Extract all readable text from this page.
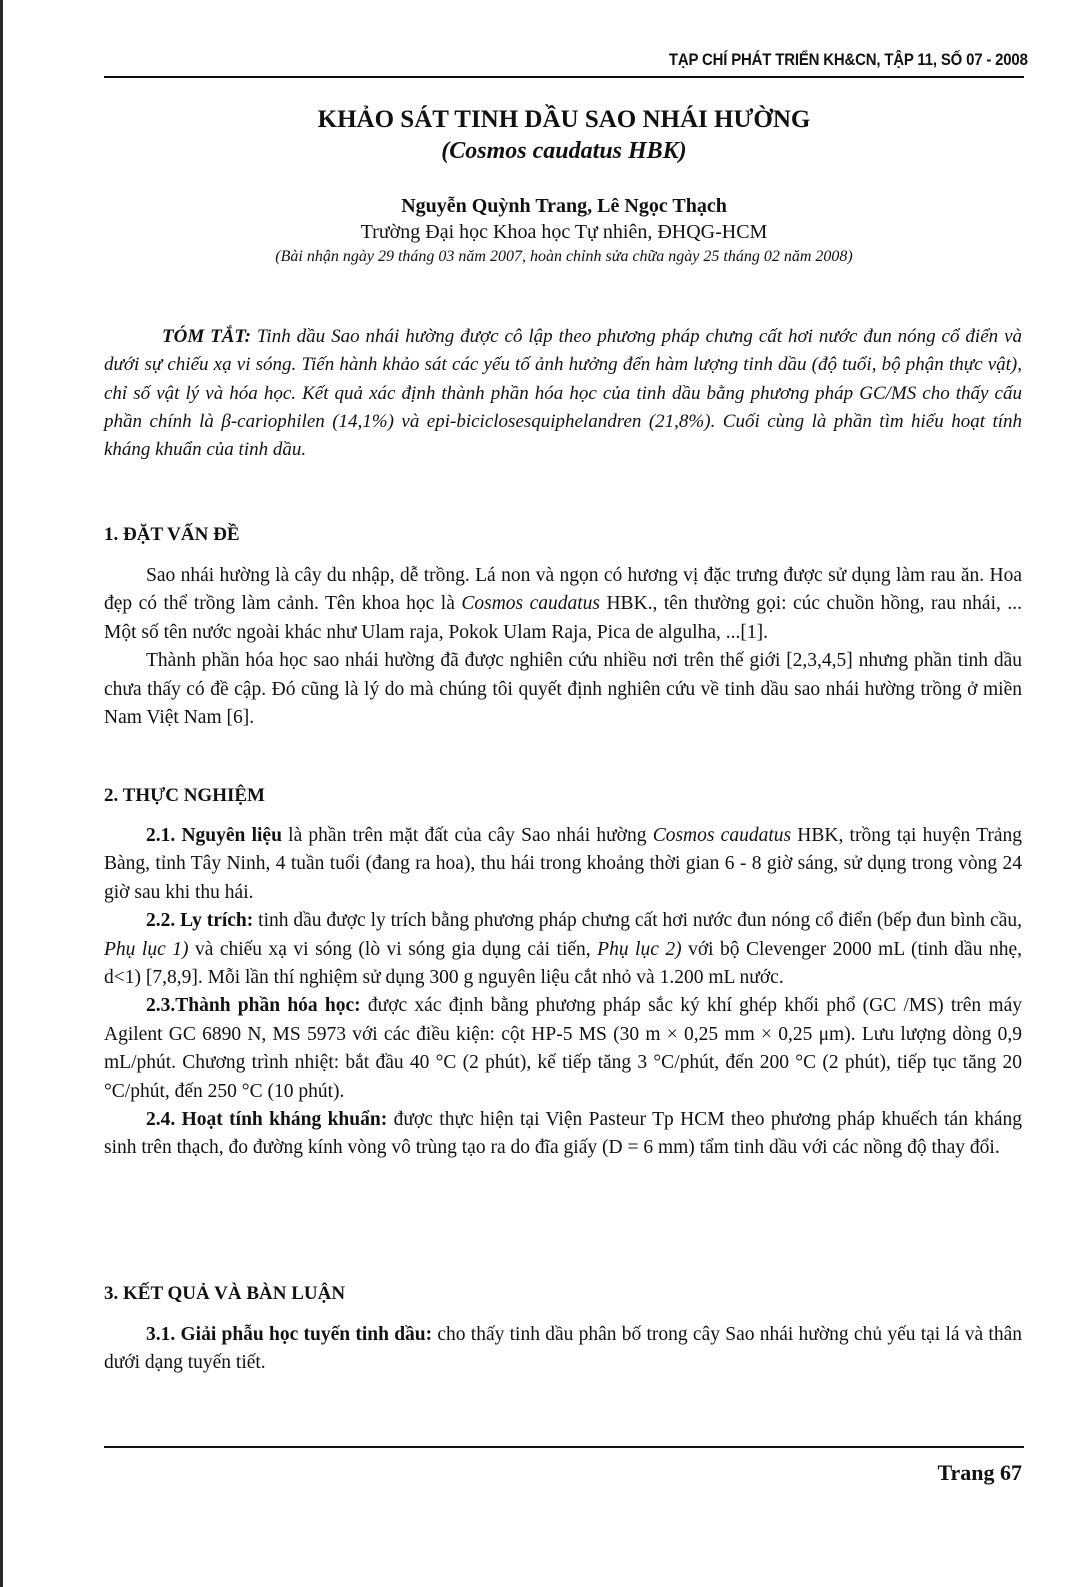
TẠP CHÍ PHÁT TRIỂN KH&CN, TẬP 11, SỐ 07 - 2008
KHẢO SÁT TINH DẦU SAO NHÁI HƯỜNG
(Cosmos caudatus HBK)
Nguyễn Quỳnh Trang, Lê Ngọc Thạch
Trường Đại học Khoa học Tự nhiên, ĐHQG-HCM
(Bài nhận ngày 29 tháng 03 năm 2007, hoàn chỉnh sửa chữa ngày 25 tháng 02 năm 2008)

TÓM TẮT: Tinh dầu Sao nhái hường được cô lập theo phương pháp chưng cất hơi nước đun nóng cổ điển và dưới sự chiếu xạ vi sóng. Tiến hành khảo sát các yếu tố ảnh hưởng đến hàm lượng tinh dầu (độ tuổi, bộ phận thực vật), chỉ số vật lý và hóa học. Kết quả xác định thành phần hóa học của tinh dầu bằng phương pháp GC/MS cho thấy cấu phần chính là β-cariophilen (14,1%) và epi-biciclosesquiphelandren (21,8%). Cuối cùng là phần tìm hiểu hoạt tính kháng khuẩn của tinh dầu.

1. ĐẶT VẤN ĐỀ

Sao nhái hường là cây du nhập, dễ trồng. Lá non và ngọn có hương vị đặc trưng được sử dụng làm rau ăn. Hoa đẹp có thể trồng làm cảnh. Tên khoa học là Cosmos caudatus HBK., tên thường gọi: cúc chuồn hồng, rau nhái, ... Một số tên nước ngoài khác như Ulam raja, Pokok Ulam Raja, Pica de algulha, ...[1].

Thành phần hóa học sao nhái hường đã được nghiên cứu nhiều nơi trên thế giới [2,3,4,5] nhưng phần tinh dầu chưa thấy có đề cập. Đó cũng là lý do mà chúng tôi quyết định nghiên cứu về tinh dầu sao nhái hường trồng ở miền Nam Việt Nam [6].

2. THỰC NGHIỆM

2.1. Nguyên liệu là phần trên mặt đất của cây Sao nhái hường Cosmos caudatus HBK, trồng tại huyện Trảng Bàng, tỉnh Tây Ninh, 4 tuần tuổi (đang ra hoa), thu hái trong khoảng thời gian 6 - 8 giờ sáng, sử dụng trong vòng 24 giờ sau khi thu hái.

2.2. Ly trích: tinh dầu được ly trích bằng phương pháp chưng cất hơi nước đun nóng cổ điển (bếp đun bình cầu, Phụ lục 1) và chiếu xạ vi sóng (lò vi sóng gia dụng cải tiến, Phụ lục 2) với bộ Clevenger 2000 mL (tinh dầu nhẹ, d<1) [7,8,9]. Mỗi lần thí nghiệm sử dụng 300 g nguyên liệu cắt nhỏ và 1.200 mL nước.

2.3.Thành phần hóa học: được xác định bằng phương pháp sắc ký khí ghép khối phổ (GC /MS) trên máy Agilent GC 6890 N, MS 5973 với các điều kiện: cột HP-5 MS (30 m × 0,25 mm × 0,25 μm). Lưu lượng dòng 0,9 mL/phút. Chương trình nhiệt: bắt đầu 40 °C (2 phút), kế tiếp tăng 3 °C/phút, đến 200 °C (2 phút), tiếp tục tăng 20 °C/phút, đến 250 °C (10 phút).

2.4. Hoạt tính kháng khuẩn: được thực hiện tại Viện Pasteur Tp HCM theo phương pháp khuếch tán kháng sinh trên thạch, đo đường kính vòng vô trùng tạo ra do đĩa giấy (D = 6 mm) tẩm tinh dầu với các nồng độ thay đổi.

3. KẾT QUẢ VÀ BÀN LUẬN

3.1. Giải phẫu học tuyến tinh dầu: cho thấy tinh dầu phân bố trong cây Sao nhái hường chủ yếu tại lá và thân dưới dạng tuyến tiết.

Trang 67
